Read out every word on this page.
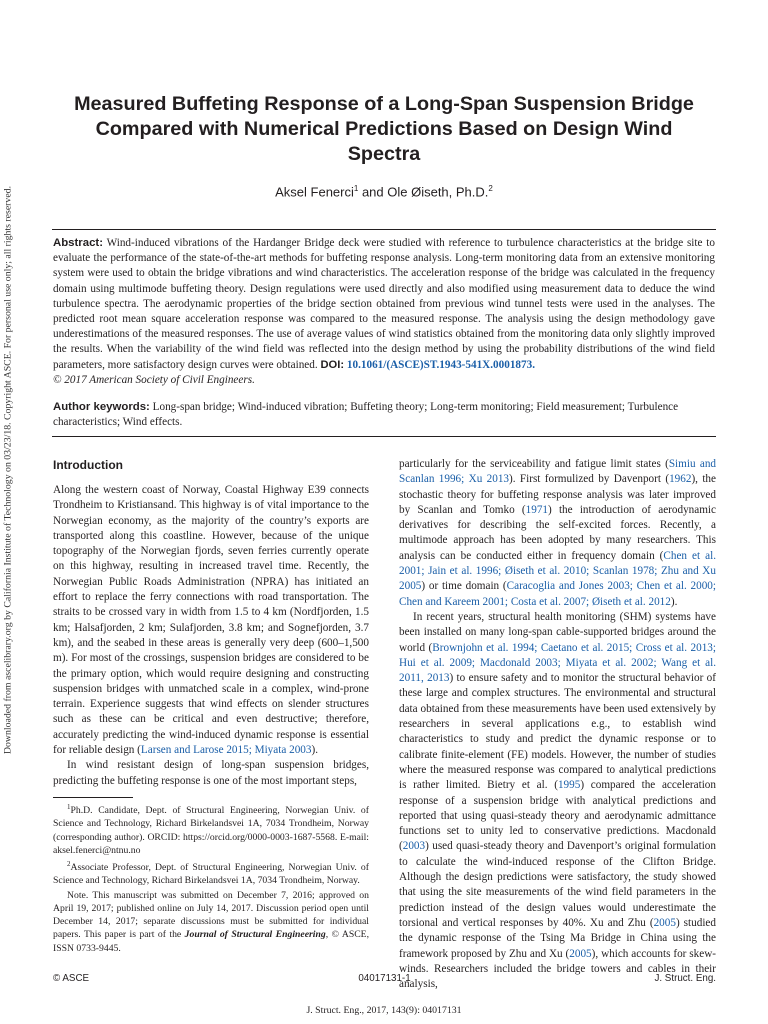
Downloaded from ascelibrary.org by California Institute of Technology on 03/23/18. Copyright ASCE. For personal use only; all rights reserved.
Measured Buffeting Response of a Long-Span Suspension Bridge Compared with Numerical Predictions Based on Design Wind Spectra
Aksel Fenerci$^1$ and Ole Øiseth, Ph.D.$^2$
Abstract: Wind-induced vibrations of the Hardanger Bridge deck were studied with reference to turbulence characteristics at the bridge site to evaluate the performance of the state-of-the-art methods for buffeting response analysis. Long-term monitoring data from an extensive monitoring system were used to obtain the bridge vibrations and wind characteristics. The acceleration response of the bridge was calculated in the frequency domain using multimode buffeting theory. Design regulations were used directly and also modified using measurement data to deduce the wind turbulence spectra. The aerodynamic properties of the bridge section obtained from previous wind tunnel tests were used in the analyses. The predicted root mean square acceleration response was compared to the measured response. The analysis using the design methodology gave underestimations of the measured responses. The use of average values of wind statistics obtained from the monitoring data only slightly improved the results. When the variability of the wind field was reflected into the design method by using the probability distributions of the wind field parameters, more satisfactory design curves were obtained. DOI: 10.1061/(ASCE)ST.1943-541X.0001873.
© 2017 American Society of Civil Engineers.
Author keywords: Long-span bridge; Wind-induced vibration; Buffeting theory; Long-term monitoring; Field measurement; Turbulence characteristics; Wind effects.
Introduction

Along the western coast of Norway, Coastal Highway E39 connects Trondheim to Kristiansand. This highway is of vital importance to the Norwegian economy, as the majority of the country’s exports are transported along this coastline. However, because of the unique topography of the Norwegian fjords, seven ferries currently operate on this highway, resulting in increased travel time. Recently, the Norwegian Public Roads Administration (NPRA) has initiated an effort to replace the ferry connections with road transportation. The straits to be crossed vary in width from 1.5 to 4 km (Nordfjorden, 1.5 km; Halsafjorden, 2 km; Sulafjorden, 3.8 km; and Sognefjorden, 3.7 km), and the seabed in these areas is generally very deep (600–1,500 m). For most of the crossings, suspension bridges are considered to be the primary option, which would require designing and constructing suspension bridges with unmatched scale in a complex, wind-prone terrain. Experience suggests that wind effects on slender structures such as these can be critical and even destructive; therefore, accurately predicting the wind-induced dynamic response is essential for reliable design (Larsen and Larose 2015; Miyata 2003).

In wind resistant design of long-span suspension bridges, predicting the buffeting response is one of the most important steps,

$^1$Ph.D. Candidate, Dept. of Structural Engineering, Norwegian Univ. of Science and Technology, Richard Birkelandsvei 1A, 7034 Trondheim, Norway (corresponding author). ORCID: https://orcid.org/0000-0003-1687-5568. E-mail: aksel.fenerci@ntnu.no

$^2$Associate Professor, Dept. of Structural Engineering, Norwegian Univ. of Science and Technology, Richard Birkelandsvei 1A, 7034 Trondheim, Norway.

Note. This manuscript was submitted on December 7, 2016; approved on April 19, 2017; published online on July 14, 2017. Discussion period open until December 14, 2017; separate discussions must be submitted for individual papers. This paper is part of the Journal of Structural Engineering, © ASCE, ISSN 0733-9445.

particularly for the serviceability and fatigue limit states (Simiu and Scanlan 1996; Xu 2013). First formulized by Davenport (1962), the stochastic theory for buffeting response analysis was later improved by Scanlan and Tomko (1971) the introduction of aerodynamic derivatives for describing the self-excited forces. Recently, a multimode approach has been adopted by many researchers. This analysis can be conducted either in frequency domain (Chen et al. 2001; Jain et al. 1996; Øiseth et al. 2010; Scanlan 1978; Zhu and Xu 2005) or time domain (Caracoglia and Jones 2003; Chen et al. 2000; Chen and Kareem 2001; Costa et al. 2007; Øiseth et al. 2012).

In recent years, structural health monitoring (SHM) systems have been installed on many long-span cable-supported bridges around the world (Brownjohn et al. 1994; Caetano et al. 2015; Cross et al. 2013; Hui et al. 2009; Macdonald 2003; Miyata et al. 2002; Wang et al. 2011, 2013) to ensure safety and to monitor the structural behavior of these large and complex structures. The environmental and structural data obtained from these measurements have been used extensively by researchers in several applications e.g., to establish wind characteristics to study and predict the dynamic response or to calibrate finite-element (FE) models. However, the number of studies where the measured response was compared to analytical predictions is rather limited. Bietry et al. (1995) compared the acceleration response of a suspension bridge with analytical predictions and reported that using quasi-steady theory and aerodynamic admittance functions set to unity led to conservative predictions. Macdonald (2003) used quasi-steady theory and Davenport’s original formulation to calculate the wind-induced response of the Clifton Bridge. Although the design predictions were satisfactory, the study showed that using the site measurements of the wind field parameters in the prediction instead of the design values would underestimate the torsional and vertical responses by 40%. Xu and Zhu (2005) studied the dynamic response of the Tsing Ma Bridge in China using the framework proposed by Zhu and Xu (2005), which accounts for skew-winds. Researchers included the bridge towers and cables in their analysis,

© ASCE	04017131-1	J. Struct. Eng.
J. Struct. Eng., 2017, 143(9): 04017131
